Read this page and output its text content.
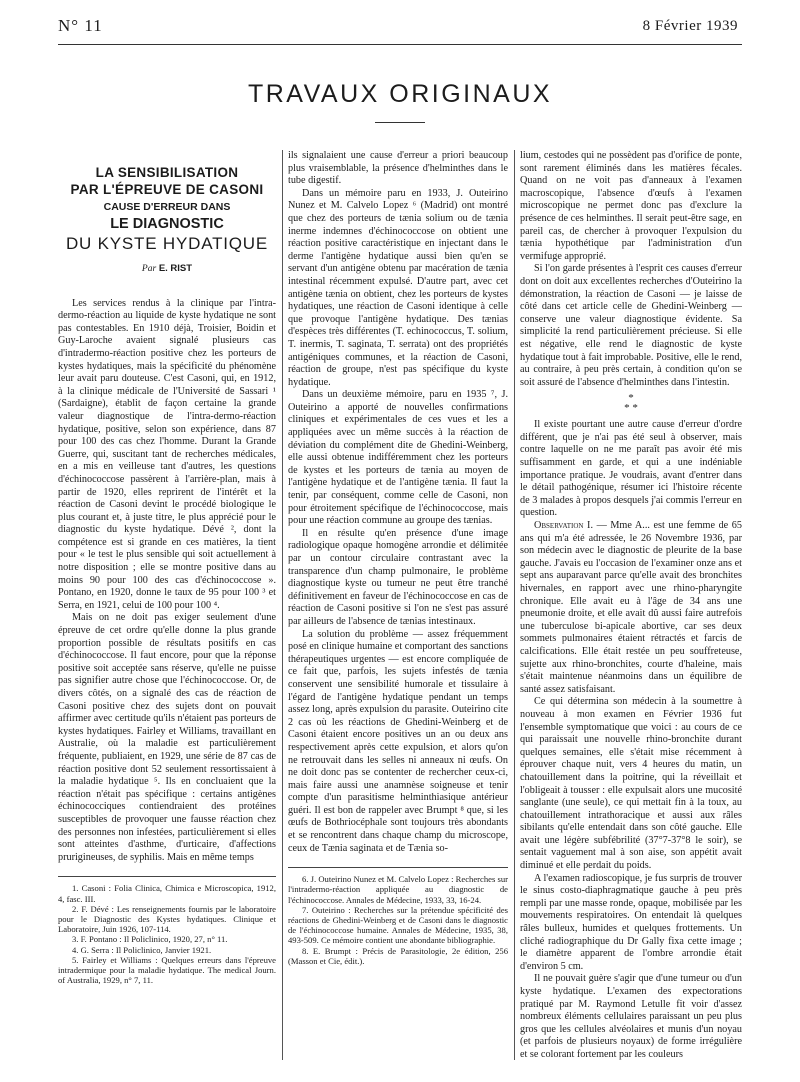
N° 11	8 Février 1939
TRAVAUX ORIGINAUX
LA SENSIBILISATION
PAR L'ÉPREUVE DE CASONI
CAUSE D'ERREUR DANS
LE DIAGNOSTIC
DU KYSTE HYDATIQUE
Par E. RIST

Les services rendus à la clinique par l'intra-dermo-réaction au liquide de kyste hydatique ne sont pas contestables. En 1910 déjà, Troisier, Boidin et Guy-Laroche avaient signalé plusieurs cas d'intradermo-réaction positive chez les porteurs de kystes hydatiques, mais la spécificité du phénomène leur avait paru douteuse. C'est Casoni, qui, en 1912, à la clinique médicale de l'Université de Sassari ¹ (Sardaigne), établit de façon certaine la grande valeur diagnostique de l'intra-dermo-réaction hydatique, positive, selon son expérience, dans 87 pour 100 des cas chez l'homme. Durant la Grande Guerre, qui, suscitant tant de recherches médicales, en a mis en veilleuse tant d'autres, les questions d'échinococcose passèrent à l'arrière-plan, mais à partir de 1920, elles reprirent de l'intérêt et la réaction de Casoni devint le procédé biologique le plus courant et, à juste titre, le plus apprécié pour le diagnostic du kyste hydatique. Dévé ², dont la compétence est si grande en ces matières, la tient pour « le test le plus sensible qui soit actuellement à notre disposition ; elle se montre positive dans au moins 90 pour 100 des cas d'échinococcose ». Pontano, en 1920, donne le taux de 95 pour 100 ³ et Serra, en 1921, celui de 100 pour 100 ⁴.

Mais on ne doit pas exiger seulement d'une épreuve de cet ordre qu'elle donne la plus grande proportion possible de résultats positifs en cas d'échinococcose. Il faut encore, pour que la réponse positive soit acceptée sans réserve, qu'elle ne puisse pas signifier autre chose que l'échinococcose. Or, de divers côtés, on a signalé des cas de réaction de Casoni positive chez des sujets dont on pouvait affirmer avec certitude qu'ils n'étaient pas porteurs de kystes hydatiques. Fairley et Williams, travaillant en Australie, où la maladie est particulièrement fréquente, publiaient, en 1929, une série de 87 cas de réaction positive dont 52 seulement ressortissaient à la maladie hydatique ⁵. Ils en concluaient que la réaction n'était pas spécifique : certains antigènes échinococciques contiendraient des protéines susceptibles de provoquer une fausse réaction chez des personnes non infestées, particulièrement si elles sont atteintes d'asthme, d'urticaire, d'affections prurigineuses, de syphilis. Mais en même temps

1. Casoni : Folia Clinica, Chimica e Microscopica, 1912, 4, fasc. III.

2. F. Dévé : Les renseignements fournis par le laboratoire pour le Diagnostic des Kystes hydatiques. Clinique et Laboratoire, Juin 1926, 107-114.

3. F. Pontano : Il Policlinico, 1920, 27, n° 11.

4. G. Serra : Il Policlinico, Janvier 1921.

5. Fairley et Williams : Quelques erreurs dans l'épreuve intradermique pour la maladie hydatique. The medical Journ. of Australia, 1929, n° 7, 11.

ils signalaient une cause d'erreur a priori beaucoup plus vraisemblable, la présence d'helminthes dans le tube digestif.

Dans un mémoire paru en 1933, J. Outeirino Nunez et M. Calvelo Lopez ⁶ (Madrid) ont montré que chez des porteurs de tænia solium ou de tænia inerme indemnes d'échinococcose on obtient une réaction positive caractéristique en injectant dans le derme l'antigène hydatique aussi bien qu'en se servant d'un antigène obtenu par macération de tænia intestinal récemment expulsé. D'autre part, avec cet antigène tænia on obtient, chez les porteurs de kystes hydatiques, une réaction de Casoni identique à celle que provoque l'antigène hydatique. Des tænias d'espèces très différentes (T. echinococcus, T. solium, T. inermis, T. saginata, T. serrata) ont des propriétés antigéniques communes, et la réaction de Casoni, réaction de groupe, n'est pas spécifique du kyste hydatique.

Dans un deuxième mémoire, paru en 1935 ⁷, J. Outeirino a apporté de nouvelles confirmations cliniques et expérimentales de ces vues et les a appliquées avec un même succès à la réaction de déviation du complément dite de Ghedini-Weinberg, elle aussi obtenue indifféremment chez les porteurs de kystes et les porteurs de tænia au moyen de l'antigène hydatique et de l'antigène tænia. Il faut la tenir, par conséquent, comme celle de Casoni, non pour étroitement spécifique de l'échinococcose, mais pour une réaction commune au groupe des tænias.

Il en résulte qu'en présence d'une image radiologique opaque homogène arrondie et délimitée par un contour circulaire contrastant avec la transparence d'un champ pulmonaire, le problème diagnostique kyste ou tumeur ne peut être tranché définitivement en faveur de l'échinococcose en cas de réaction de Casoni positive si l'on ne s'est pas assuré par ailleurs de l'absence de tænias intestinaux.

La solution du problème — assez fréquemment posé en clinique humaine et comportant des sanctions thérapeutiques urgentes — est encore compliquée de ce fait que, parfois, les sujets infestés de tænia conservent une sensibilité humorale et tissulaire à l'égard de l'antigène hydatique pendant un temps assez long, après expulsion du parasite. Outeirino cite 2 cas où les réactions de Ghedini-Weinberg et de Casoni étaient encore positives un an ou deux ans respectivement après cette expulsion, et alors qu'on ne retrouvait dans les selles ni anneaux ni œufs. On ne doit donc pas se contenter de rechercher ceux-ci, mais faire aussi une anamnèse soigneuse et tenir compte d'un parasitisme helminthiasique antérieur guéri. Il est bon de rappeler avec Brumpt ⁸ que, si les œufs de Bothriocéphale sont toujours très abondants et se rencontrent dans chaque champ du microscope, ceux de Tænia saginata et de Tænia so-

6. J. Outeirino Nunez et M. Calvelo Lopez : Recherches sur l'intradermo-réaction appliquée au diagnostic de l'échinococcose. Annales de Médecine, 1933, 33, 16-24.

7. Outeirino : Recherches sur la prétendue spécificité des réactions de Ghedini-Weinberg et de Casoni dans le diagnostic de l'échinococcose humaine. Annales de Médecine, 1935, 38, 493-509. Ce mémoire contient une abondante bibliographie.

8. E. Brumpt : Précis de Parasitologie, 2e édition, 256 (Masson et Cie, édit.).

lium, cestodes qui ne possèdent pas d'orifice de ponte, sont rarement éliminés dans les matières fécales. Quand on ne voit pas d'anneaux à l'examen macroscopique, l'absence d'œufs à l'examen microscopique ne permet donc pas d'exclure la présence de ces helminthes. Il serait peut-être sage, en pareil cas, de chercher à provoquer l'expulsion du tænia hypothétique par l'administration d'un vermifuge approprié.

Si l'on garde présentes à l'esprit ces causes d'erreur dont on doit aux excellentes recherches d'Outeirino la démonstration, la réaction de Casoni — je laisse de côté dans cet article celle de Ghedini-Weinberg — conserve une valeur diagnostique évidente. Sa simplicité la rend particulièrement précieuse. Si elle est négative, elle rend le diagnostic de kyste hydatique tout à fait improbable. Positive, elle le rend, au contraire, à peu près certain, à condition qu'on se soit assuré de l'absence d'helminthes dans l'intestin.

*
* *

Il existe pourtant une autre cause d'erreur d'ordre différent, que je n'ai pas été seul à observer, mais contre laquelle on ne me paraît pas avoir été mis suffisamment en garde, et qui a une indéniable importance pratique. Je voudrais, avant d'entrer dans le détail pathogénique, résumer ici l'histoire récente de 3 malades à propos desquels j'ai commis l'erreur en question.

Observation I. — Mme A... est une femme de 65 ans qui m'a été adressée, le 26 Novembre 1936, par son médecin avec le diagnostic de pleurite de la base gauche. J'avais eu l'occasion de l'examiner onze ans et sept ans auparavant parce qu'elle avait des bronchites hivernales, en rapport avec une rhino-pharyngite chronique. Elle avait eu à l'âge de 34 ans une pneumonie droite, et elle avait dû aussi faire autrefois une tuberculose bi-apicale abortive, car ses deux sommets pulmonaires étaient rétractés et farcis de calcifications. Elle était restée un peu souffreteuse, sujette aux rhino-bronchites, courte d'haleine, mais s'était maintenue néanmoins dans un équilibre de santé assez satisfaisant.

Ce qui détermina son médecin à la soumettre à nouveau à mon examen en Février 1936 fut l'ensemble symptomatique que voici : au cours de ce qui paraissait une nouvelle rhino-bronchite durant quelques semaines, elle s'était mise récemment à éprouver chaque nuit, vers 4 heures du matin, un chatouillement dans la poitrine, qui la réveillait et l'obligeait à tousser : elle expulsait alors une mucosité sanglante (une seule), ce qui mettait fin à la toux, au chatouillement intrathoracique et aussi aux râles sibilants qu'elle entendait dans son côté gauche. Elle avait une légère subfébrilité (37°7-37°8 le soir), se sentait vaguement mal à son aise, son appétit avait diminué et elle perdait du poids.

A l'examen radioscopique, je fus surpris de trouver le sinus costo-diaphragmatique gauche à peu près rempli par une masse ronde, opaque, mobilisée par les mouvements respiratoires. On entendait là quelques râles bulleux, humides et quelques frottements. Un cliché radiographique du Dr Gally fixa cette image ; le diamètre apparent de l'ombre arrondie était d'environ 5 cm.

Il ne pouvait guère s'agir que d'une tumeur ou d'un kyste hydatique. L'examen des expectorations pratiqué par M. Raymond Letulle fit voir d'assez nombreux éléments cellulaires paraissant un peu plus gros que les cellules alvéolaires et munis d'un noyau (et parfois de plusieurs noyaux) de forme irrégulière et se colorant fortement par les couleurs
